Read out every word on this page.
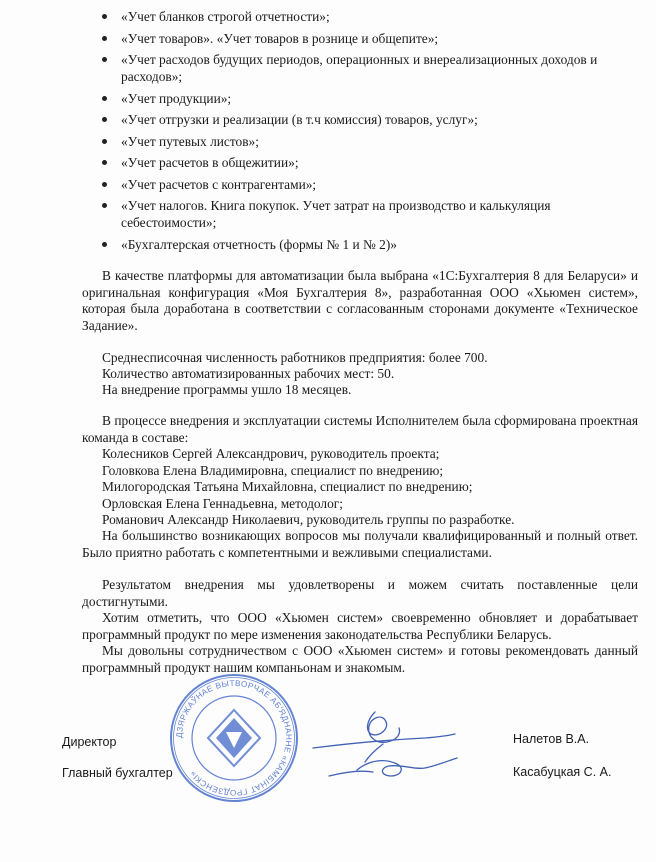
«Учет бланков строгой отчетности»;
«Учет товаров». «Учет товаров в рознице и общепите»;
«Учет расходов будущих периодов, операционных и внереализационных доходов и расходов»;
«Учет продукции»;
«Учет отгрузки и реализации (в т.ч комиссия) товаров, услуг»;
«Учет путевых листов»;
«Учет расчетов в общежитии»;
«Учет расчетов с контрагентами»;
«Учет налогов. Книга покупок. Учет затрат на производство и калькуляция себестоимости»;
«Бухгалтерская отчетность (формы № 1 и № 2)»

В качестве платформы для автоматизации была выбрана «1С:Бухгалтерия 8 для Беларуси» и оригинальная конфигурация «Моя Бухгалтерия 8», разработанная ООО «Хьюмен систем», которая была доработана в соответствии с согласованным сторонами документе «Техническое Задание».

Среднесписочная численность работников предприятия: более 700.

Количество автоматизированных рабочих мест: 50.

На внедрение программы ушло 18 месяцев.

В процессе внедрения и эксплуатации системы Исполнителем была сформирована проектная команда в составе:

Колесников Сергей Александрович, руководитель проекта;

Головкова Елена Владимировна, специалист по внедрению;

Милогородская Татьяна Михайловна, специалист по внедрению;

Орловская Елена Геннадьевна, методолог;

Романович Александр Николаевич, руководитель группы по разработке.

На большинство возникающих вопросов мы получали квалифицированный и полный ответ. Было приятно работать с компетентными и вежливыми специалистами.

Результатом внедрения мы удовлетворены и можем считать поставленные цели достигнутыми.

Хотим отметить, что ООО «Хьюмен систем» своевременно обновляет и дорабатывает программный продукт по мере изменения законодательства Республики Беларусь.

Мы довольны сотрудничеством с ООО «Хьюмен систем» и готовы рекомендовать данный программный продукт нашим компаньонам и знакомым.

ДЗЯРЖАЎНАЕ ВЫТВОРЧАЕ АБ'ЯДНАННЕ «КАМБІНАТ ГРОДЗЕНСКІ»
Директор	Налетов В.А.
Главный бухгалтер	Касабуцкая С. А.
